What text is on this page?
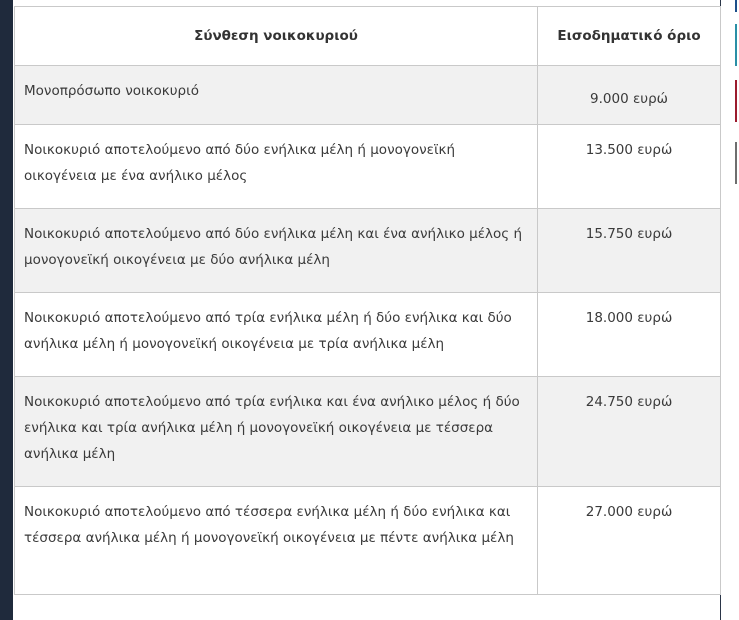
Σύνθεση νοικοκυριού	Εισοδηματικό όριο
Μονοπρόσωπο νοικοκυριό	9.000 ευρώ
Νοικοκυριό αποτελούμενο από δύο ενήλικα μέλη ή μονογονεϊκή οικογένεια με ένα ανήλικο μέλος	13.500 ευρώ
Νοικοκυριό αποτελούμενο από δύο ενήλικα μέλη και ένα ανήλικο μέλος ή μονογονεϊκή οικογένεια με δύο ανήλικα μέλη	15.750 ευρώ
Νοικοκυριό αποτελούμενο από τρία ενήλικα μέλη ή δύο ενήλικα και δύο ανήλικα μέλη ή μονογονεϊκή οικογένεια με τρία ανήλικα μέλη	18.000 ευρώ
Νοικοκυριό αποτελούμενο από τρία ενήλικα και ένα ανήλικο μέλος ή δύο ενήλικα και τρία ανήλικα μέλη ή μονογονεϊκή οικογένεια με τέσσερα ανήλικα μέλη	24.750 ευρώ
Νοικοκυριό αποτελούμενο από τέσσερα ενήλικα μέλη ή δύο ενήλικα και τέσσερα ανήλικα μέλη ή μονογονεϊκή οικογένεια με πέντε ανήλικα μέλη	27.000 ευρώ
